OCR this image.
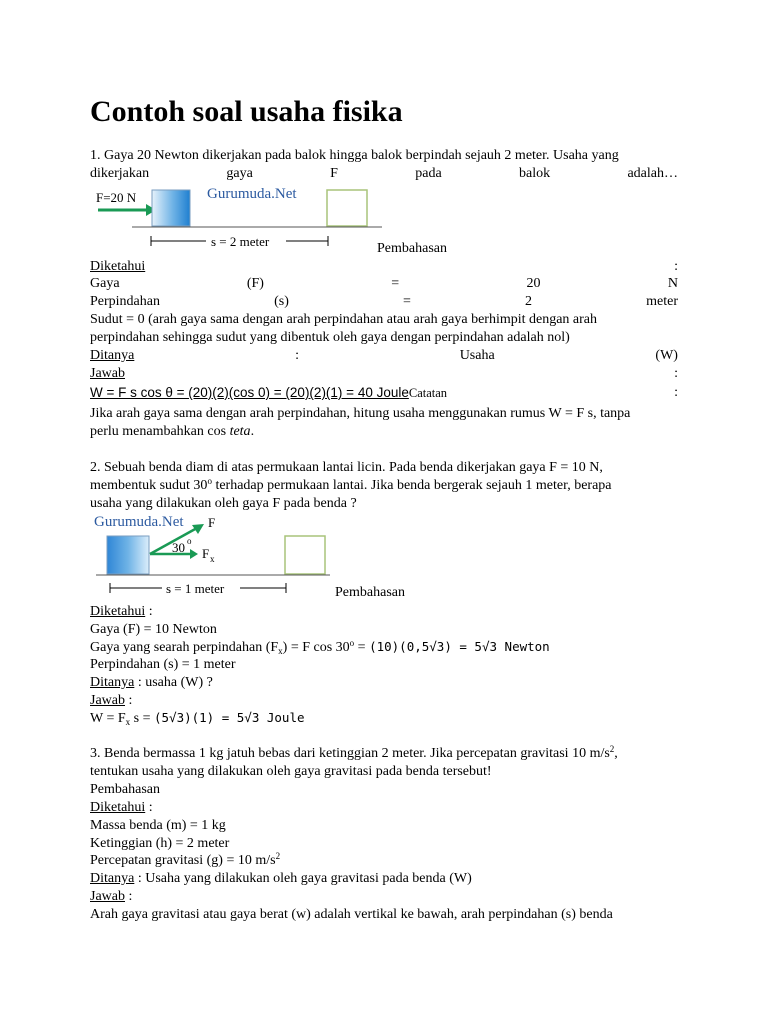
Contoh soal usaha fisika
1. Gaya 20 Newton dikerjakan pada balok hingga balok berpindah sejauh 2 meter. Usaha yang
dikerjakan	gaya	F	pada	balok	adalah…
F=20 N	Gurumuda.Net
s = 2 meter	Pembahasan
Diketahui	:
Gaya	(F)	=	20	N
Perpindahan	(s)	=	2	meter
Sudut = 0 (arah gaya sama dengan arah perpindahan atau arah gaya berhimpit dengan arah
perpindahan sehingga sudut yang dibentuk oleh gaya dengan perpindahan adalah nol)
Ditanya	:	Usaha	(W)
Jawab	:
W = F s cos θ = (20)(2)(cos 0) = (20)(2)(1) = 40 JouleCatatan	:
Jika arah gaya sama dengan arah perpindahan, hitung usaha menggunakan rumus W = F s, tanpa
perlu menambahkan cos teta.
2. Sebuah benda diam di atas permukaan lantai licin. Pada benda dikerjakan gaya F = 10 N,
membentuk sudut 30$^o$ terhadap permukaan lantai. Jika benda bergerak sejauh 1 meter, berapa
usaha yang dilakukan oleh gaya F pada benda ?
Gurumuda.Net F
30 o
F x
s = 1 meter	Pembahasan
Diketahui :
Gaya (F) = 10 Newton
Gaya yang searah perpindahan $(F_x) = F$ $\cos 30^o = (10)(0,5√3) = 5√3$ Newton
Perpindahan (s) = 1 meter
Ditanya : usaha (W) ?
Jawab :
$W = F_x$ s = (5√3)(1) = 5√3 Joule
3. Benda bermassa 1 kg jatuh bebas dari ketinggian 2 meter. Jika percepatan gravitasi 10 $m/s^2$,
tentukan usaha yang dilakukan oleh gaya gravitasi pada benda tersebut!
Pembahasan
Diketahui :
Massa benda (m) = 1 kg
Ketinggian (h) = 2 meter
Percepatan gravitasi (g) = 10 $m/s^2$
Ditanya : Usaha yang dilakukan oleh gaya gravitasi pada benda (W)
Jawab :
Arah gaya gravitasi atau gaya berat (w) adalah vertikal ke bawah, arah perpindahan (s) benda
